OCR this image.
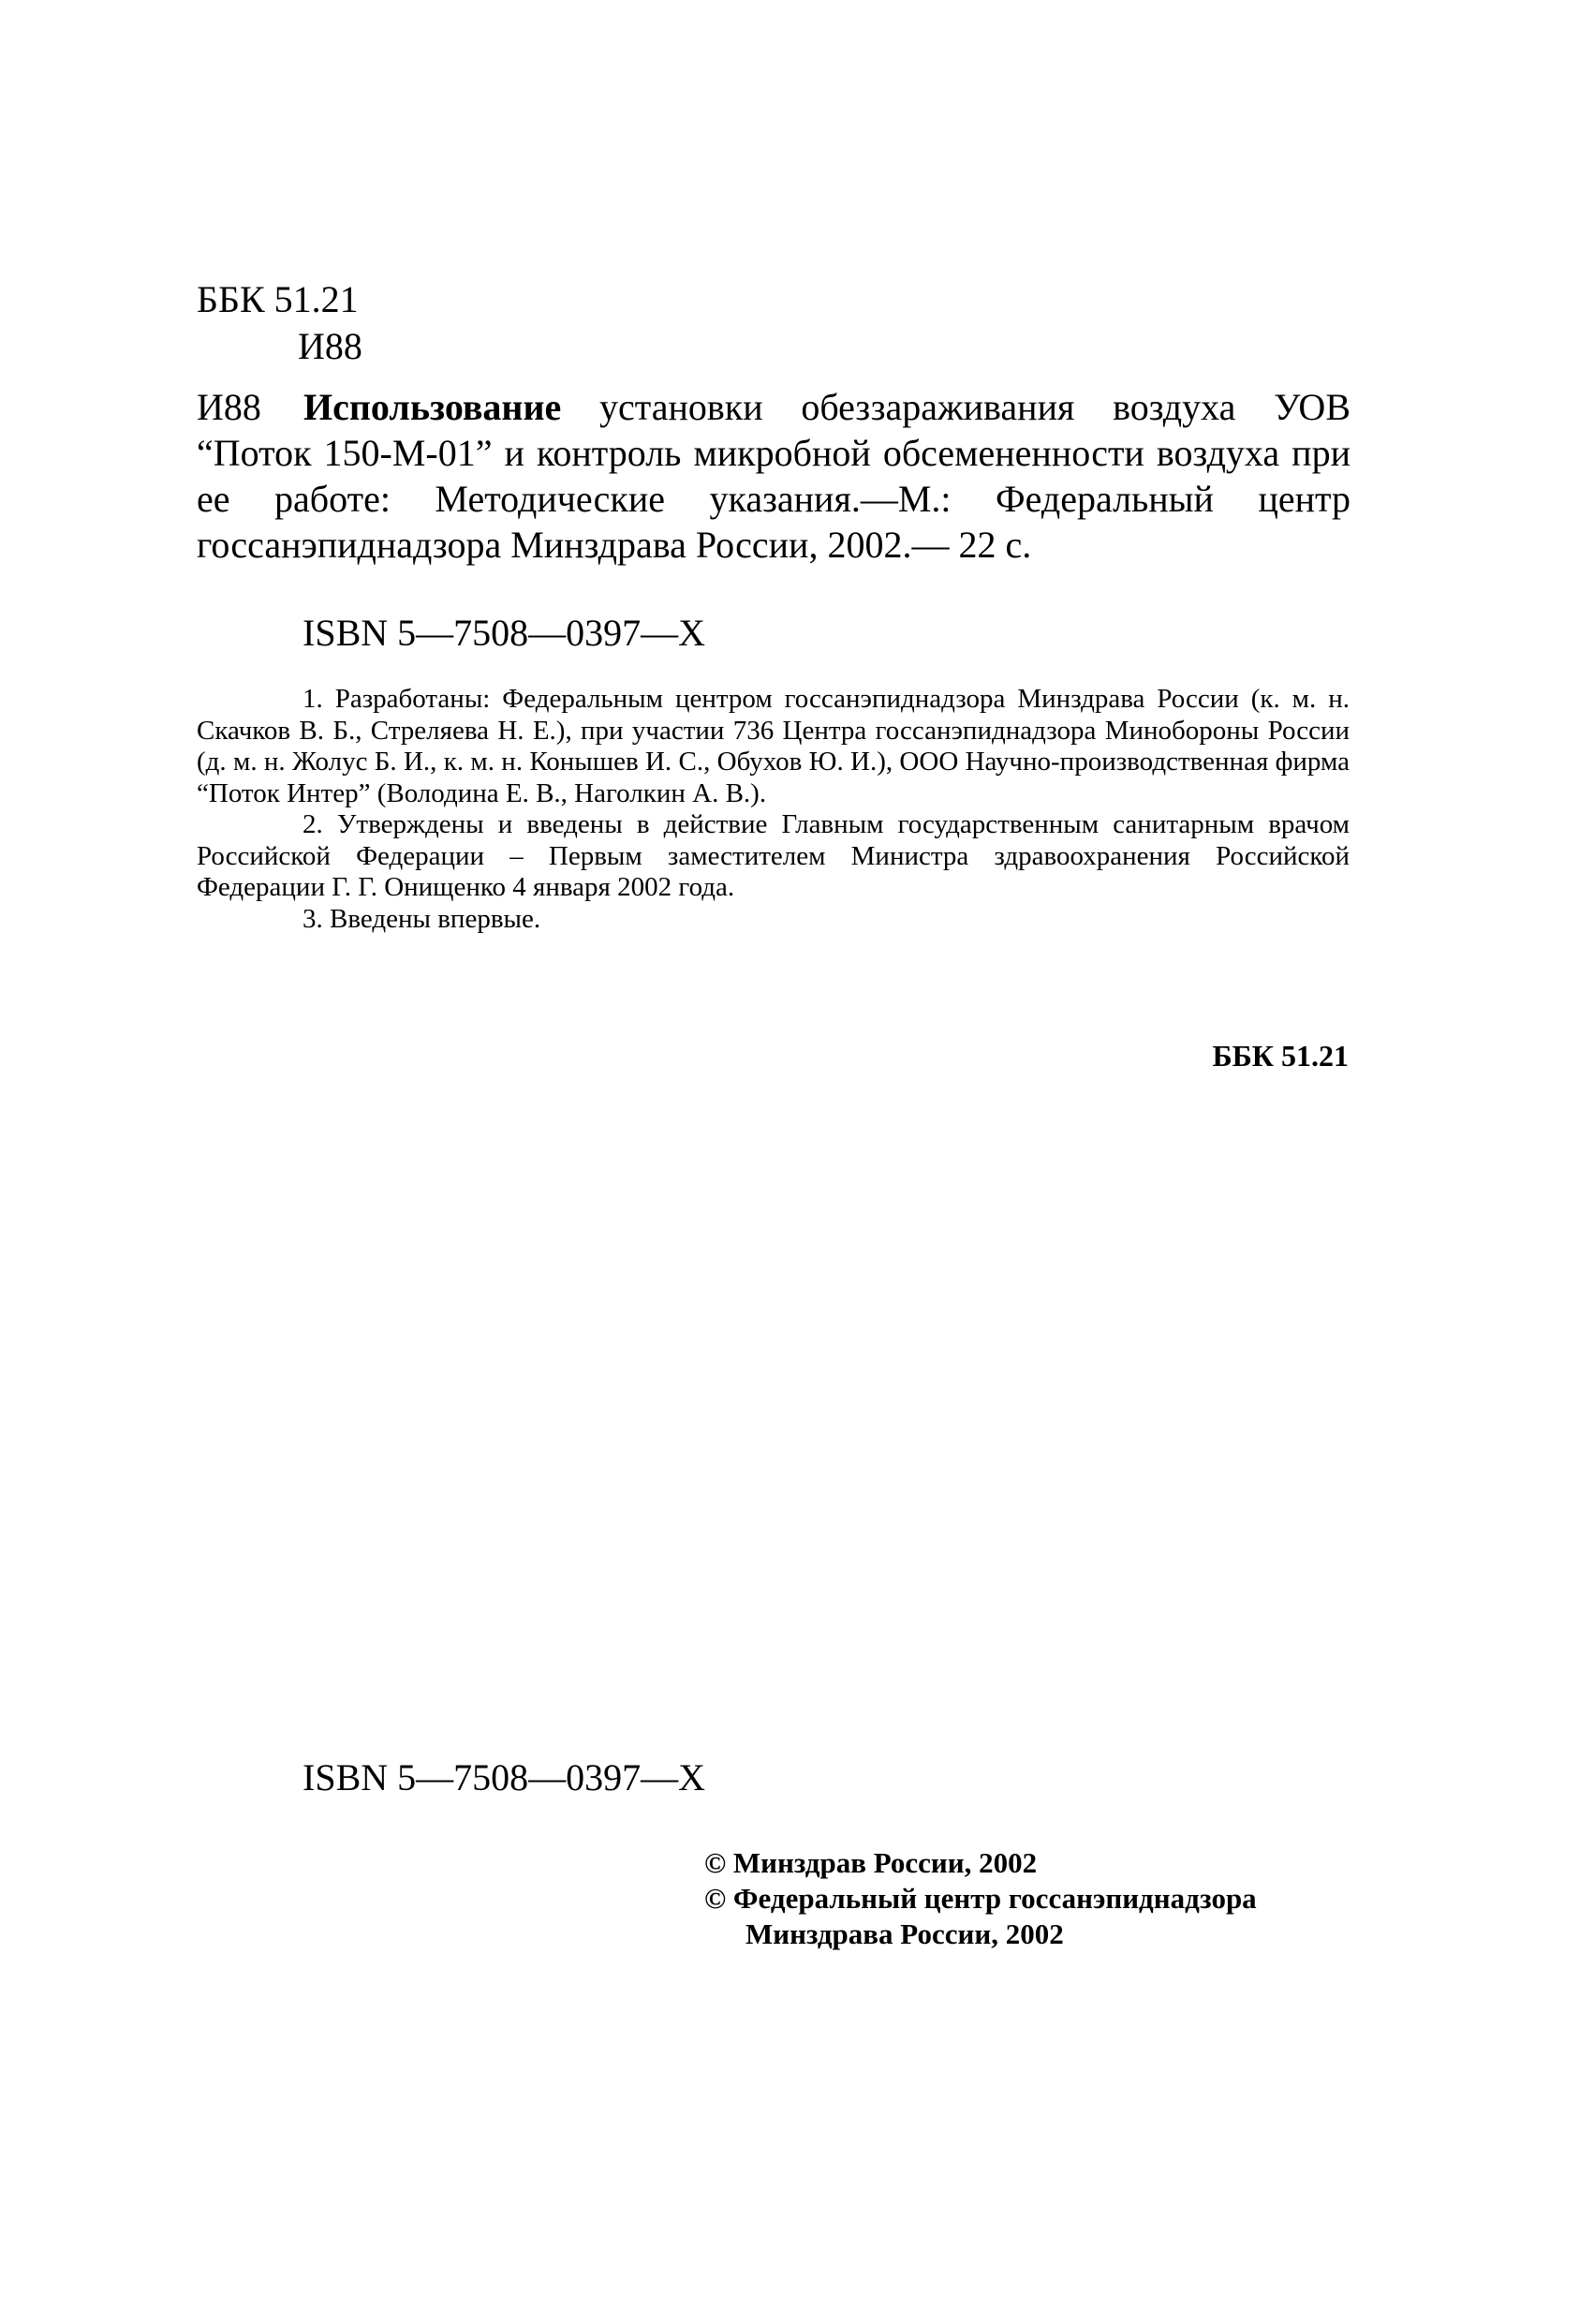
ББК 51.21
И88
И88	Использование установки обеззараживания воздуха УОВ “Поток 150-М-01” и контроль микробной обсемененности воздуха при ее работе: Методические указания.—М.: Федеральный центр госсанэпиднадзора Минздрава России, 2002.— 22 с.

ISBN 5—7508—0397—X

1. Разработаны: Федеральным центром госсанэпиднадзора Минздрава России (к. м. н. Скачков В. Б., Стреляева Н. Е.), при участии 736 Центра госсанэпиднадзора Минобороны России (д. м. н. Жолус Б. И., к. м. н. Конышев И. С., Обухов Ю. И.), ООО Научно-производственная фирма “Поток Интер” (Володина Е. В., Наголкин А. В.).

2. Утверждены и введены в действие Главным государственным санитарным врачом Российской Федерации – Первым заместителем Министра здравоохранения Российской Федерации Г. Г. Онищенко 4 января 2002 года.

3. Введены впервые.

ББК 51.21
ISBN 5—7508—0397—X
© Минздрав России, 2002
© Федеральный центр госсанэпиднадзора
Минздрава России, 2002
